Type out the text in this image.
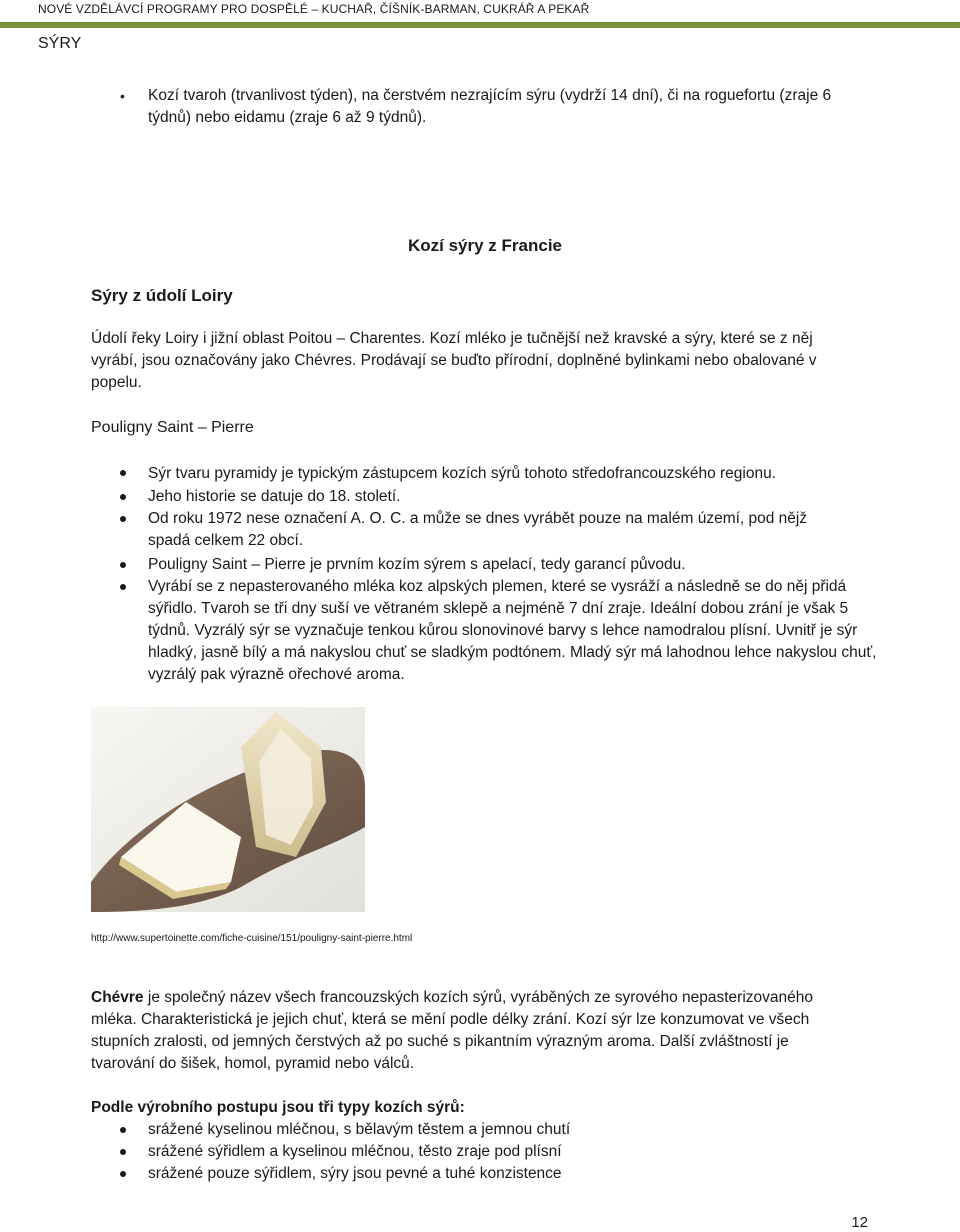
NOVÉ VZDĚLÁVCÍ PROGRAMY PRO DOSPĚLÉ – KUCHAŘ, ČÍŠNÍK-BARMAN, CUKRÁŘ A PEKAŘ
SÝRY
• Kozí tvaroh (trvanlivost týden), na čerstvém nezrajícím sýru (vydrží 14 dní), či na roguefortu (zraje 6 týdnů) nebo eidamu (zraje 6 až 9 týdnů).
Kozí sýry z Francie
Sýry z údolí Loiry
Údolí řeky Loiry i jižní oblast Poitou – Charentes. Kozí mléko je tučnější než kravské a sýry, které se z něj
vyrábí, jsou označovány jako Chévres. Prodávají se buďto přírodní, doplněné bylinkami nebo obalované v
popelu.
Pouligny Saint – Pierre
Sýr tvaru pyramidy je typickým zástupcem kozích sýrů tohoto středofrancouzského regionu.
Jeho historie se datuje do 18. století.
Od roku 1972 nese označení A. O. C. a může se dnes vyrábět pouze na malém území, pod nějž spadá celkem 22 obcí.
Pouligny Saint – Pierre je prvním kozím sýrem s apelací, tedy garancí původu.
Vyrábí se z nepasterovaného mléka koz alpských plemen, které se vysráží a následně se do něj přidá sýřidlo. Tvaroh se tři dny suší ve větraném sklepě a nejméně 7 dní zraje. Ideální dobou zrání je však 5 týdnů. Vyzrálý sýr se vyznačuje tenkou kůrou slonovinové barvy s lehce namodralou plísní. Uvnitř je sýr hladký, jasně bílý a má nakyslou chuť se sladkým podtónem. Mladý sýr má lahodnou lehce nakyslou chuť, vyzrálý pak výrazně ořechové aroma.
http://www.supertoinette.com/fiche-cuisine/151/pouligny-saint-pierre.html
Chévre je společný název všech francouzských kozích sýrů, vyráběných ze syrového nepasterizovaného mléka. Charakteristická je jejich chuť, která se mění podle délky zrání. Kozí sýr lze konzumovat ve všech stupních zralosti, od jemných čerstvých až po suché s pikantním výrazným aroma. Další zvláštností je tvarování do šišek, homol, pyramid nebo válců.
Podle výrobního postupu jsou tři typy kozích sýrů:
srážené kyselinou mléčnou, s bělavým těstem a jemnou chutí
srážené sýřidlem a kyselinou mléčnou, těsto zraje pod plísní
srážené pouze sýřidlem, sýry jsou pevné a tuhé konzistence
12
